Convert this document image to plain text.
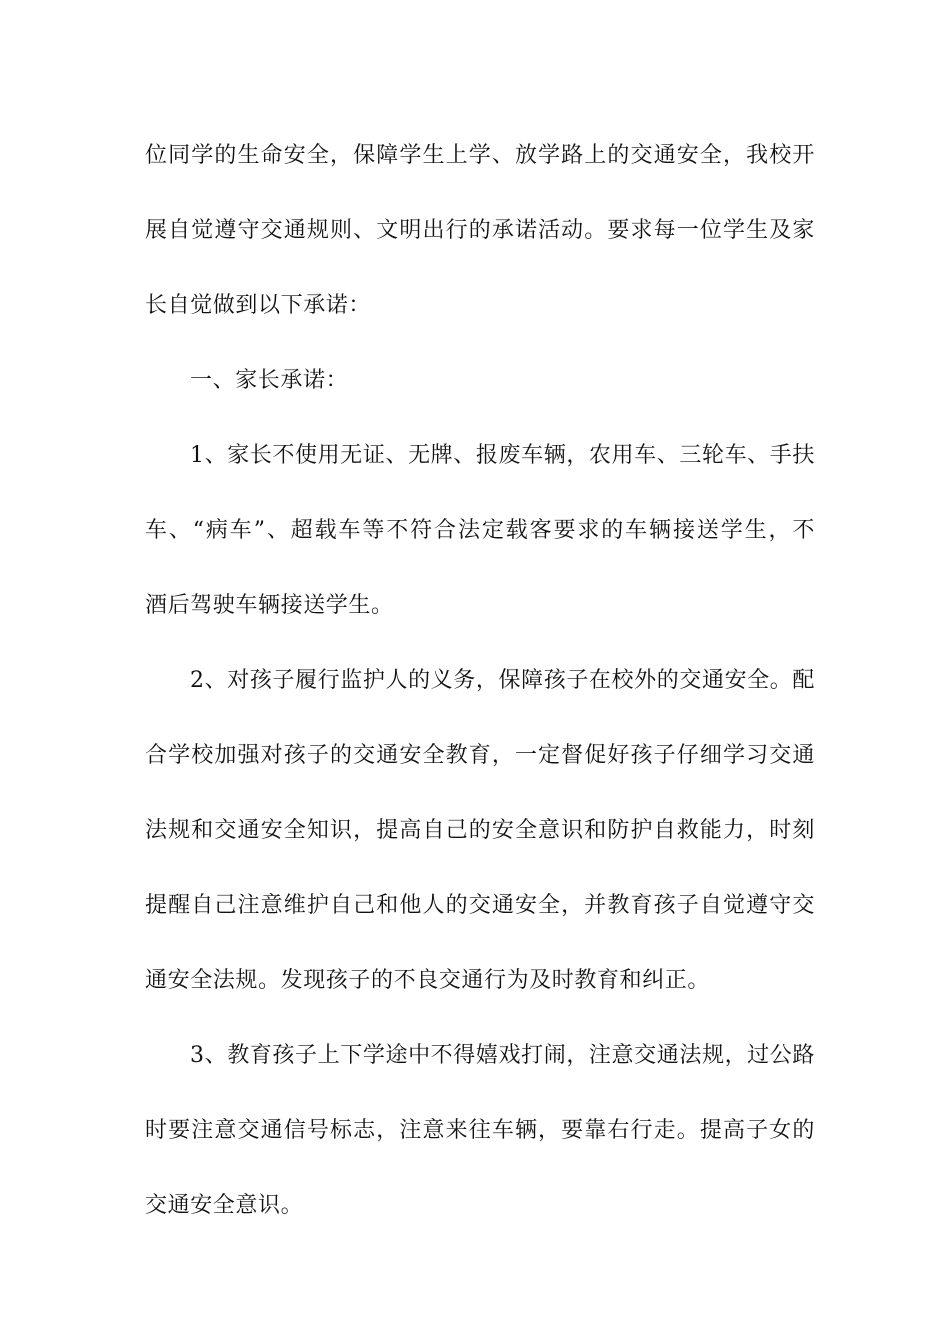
位同学的生命安全，保障学生上学、放学路上的交通安全，我校开
展自觉遵守交通规则、文明出行的承诺活动。要求每一位学生及家
长自觉做到以下承诺：
一、家长承诺：
1、家长不使用无证、无牌、报废车辆，农用车、三轮车、手扶
车、“病车”、超载车等不符合法定载客要求的车辆接送学生，不
酒后驾驶车辆接送学生。
2、对孩子履行监护人的义务，保障孩子在校外的交通安全。配
合学校加强对孩子的交通安全教育，一定督促好孩子仔细学习交通
法规和交通安全知识，提高自己的安全意识和防护自救能力，时刻
提醒自己注意维护自己和他人的交通安全，并教育孩子自觉遵守交
通安全法规。发现孩子的不良交通行为及时教育和纠正。
3、教育孩子上下学途中不得嬉戏打闹，注意交通法规，过公路
时要注意交通信号标志，注意来往车辆，要靠右行走。提高子女的
交通安全意识。
